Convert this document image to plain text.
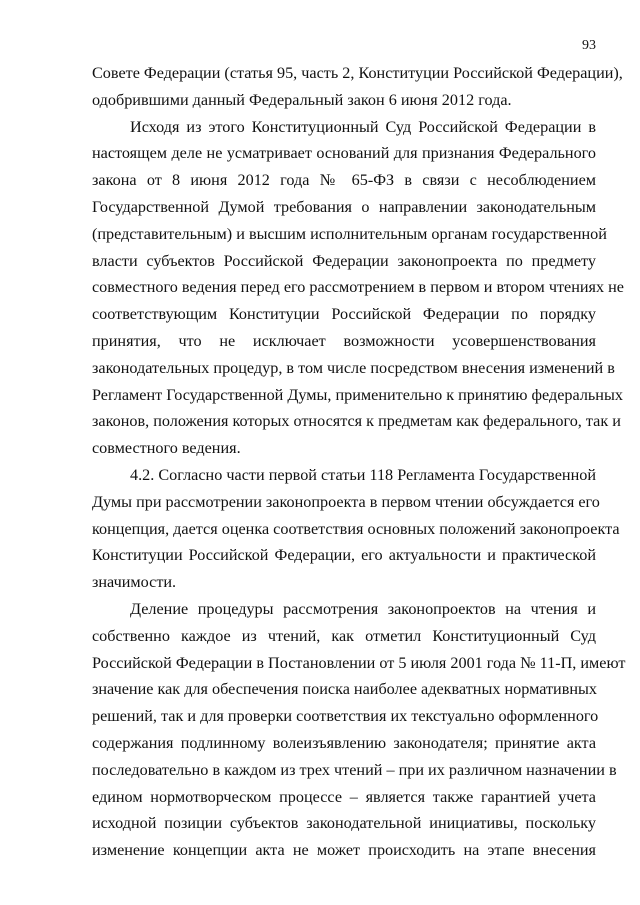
93
Совете Федерации (статья 95, часть 2, Конституции Российской Федерации),
одобрившими данный Федеральный закон 6 июня 2012 года.
Исходя из этого Конституционный Суд Российской Федерации в
настоящем деле не усматривает оснований для признания Федерального
закона от 8 июня 2012 года № 65-ФЗ в связи с несоблюдением
Государственной Думой требования о направлении законодательным
(представительным) и высшим исполнительным органам государственной
власти субъектов Российской Федерации законопроекта по предмету
совместного ведения перед его рассмотрением в первом и втором чтениях не
соответствующим Конституции Российской Федерации по порядку
принятия, что не исключает возможности усовершенствования
законодательных процедур, в том числе посредством внесения изменений в
Регламент Государственной Думы, применительно к принятию федеральных
законов, положения которых относятся к предметам как федерального, так и
совместного ведения.
4.2. Согласно части первой статьи 118 Регламента Государственной
Думы при рассмотрении законопроекта в первом чтении обсуждается его
концепция, дается оценка соответствия основных положений законопроекта
Конституции Российской Федерации, его актуальности и практической
значимости.
Деление процедуры рассмотрения законопроектов на чтения и
собственно каждое из чтений, как отметил Конституционный Суд
Российской Федерации в Постановлении от 5 июля 2001 года № 11-П, имеют
значение как для обеспечения поиска наиболее адекватных нормативных
решений, так и для проверки соответствия их текстуально оформленного
содержания подлинному волеизъявлению законодателя; принятие акта
последовательно в каждом из трех чтений – при их различном назначении в
едином нормотворческом процессе – является также гарантией учета
исходной позиции субъектов законодательной инициативы, поскольку
изменение концепции акта не может происходить на этапе внесения
